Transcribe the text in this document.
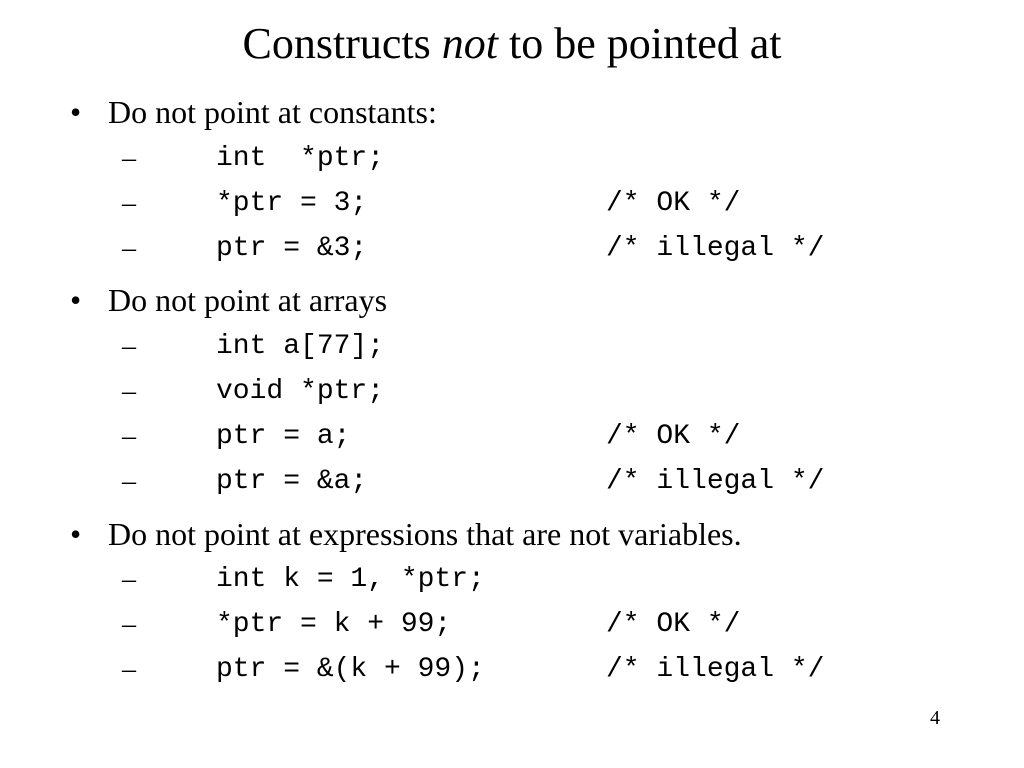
Constructs not to be pointed at
• Do not point at constants:
–	int  *ptr;
–	*ptr = 3;	/* OK */
–	ptr = &3;	/* illegal */
• Do not point at arrays
–	int a[77];
–	void *ptr;
–	ptr = a;	/* OK */
–	ptr = &a;	/* illegal */
• Do not point at expressions that are not variables.
–	int k = 1, *ptr;
–	*ptr = k + 99;	/* OK */
–	ptr = &(k + 99);	/* illegal */
4
